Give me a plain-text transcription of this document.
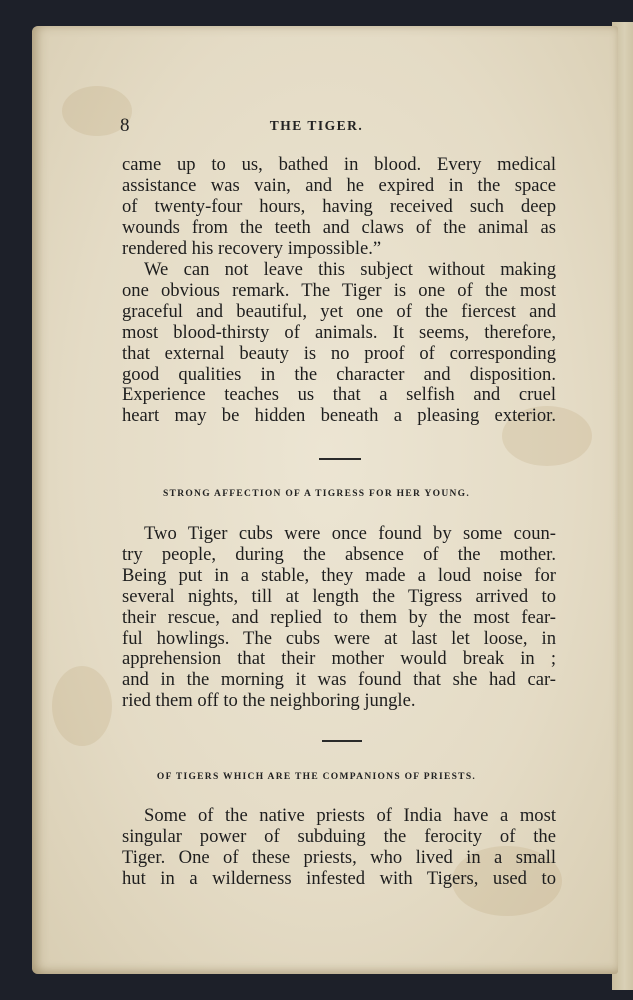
8	THE TIGER.
came up to us, bathed in blood. Every medical
assistance was vain, and he expired in the space
of twenty-four hours, having received such deep
wounds from the teeth and claws of the animal as
rendered his recovery impossible.”
We can not leave this subject without making
one obvious remark. The Tiger is one of the most
graceful and beautiful, yet one of the fiercest and
most blood-thirsty of animals. It seems, therefore,
that external beauty is no proof of corresponding
good qualities in the character and disposition.
Experience teaches us that a selfish and cruel
heart may be hidden beneath a pleasing exterior.
STRONG AFFECTION OF A TIGRESS FOR HER YOUNG.
Two Tiger cubs were once found by some coun-
try people, during the absence of the mother.
Being put in a stable, they made a loud noise for
several nights, till at length the Tigress arrived to
their rescue, and replied to them by the most fear-
ful howlings. The cubs were at last let loose, in
apprehension that their mother would break in ;
and in the morning it was found that she had car-
ried them off to the neighboring jungle.
OF TIGERS WHICH ARE THE COMPANIONS OF PRIESTS.
Some of the native priests of India have a most
singular power of subduing the ferocity of the
Tiger. One of these priests, who lived in a small
hut in a wilderness infested with Tigers, used to
